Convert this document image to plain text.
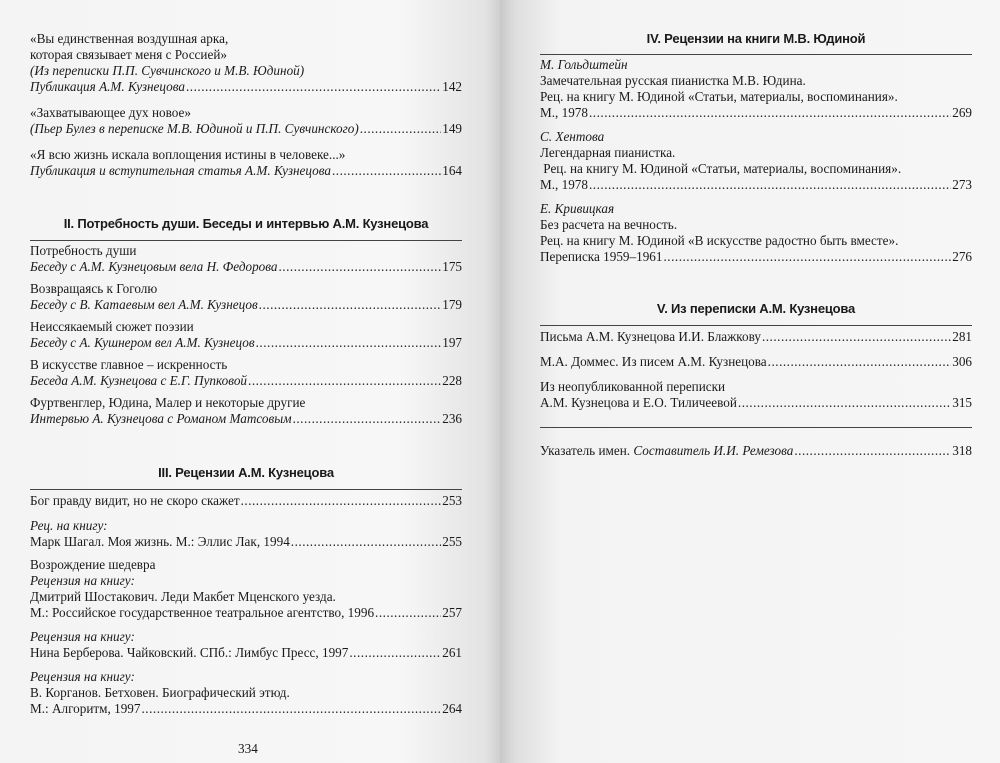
«Вы единственная воздушная арка,
которая связывает меня с Россией»
(Из переписки П.П. Сувчинского и М.В. Юдиной)
Публикация А.М. Кузнецова .....	142
«Захватывающее дух новое»
(Пьер Булез в переписке М.В. Юдиной и П.П. Сувчинского) .....	149
«Я всю жизнь искала воплощения истины в человеке...»
Публикация и вступительная статья А.М. Кузнецова .....	164
II. Потребность души. Беседы и интервью А.М. Кузнецова
Потребность души
Беседу с А.М. Кузнецовым вела Н. Федорова .....	175
Возвращаясь к Гоголю
Беседу с В. Катаевым вел А.М. Кузнецов .....	179
Неиссякаемый сюжет поэзии
Беседу с А. Кушнером вел А.М. Кузнецов .....	197
В искусстве главное – искренность
Беседа А.М. Кузнецова с Е.Г. Пупковой .....	228
Фуртвенглер, Юдина, Малер и некоторые другие
Интервью А. Кузнецова с Романом Матсовым .....	236
III. Рецензии А.М. Кузнецова
Бог правду видит, но не скоро скажет .....	253
Рец. на книгу:
Марк Шагал. Моя жизнь. М.: Эллис Лак, 1994 .....	255
Возрождение шедевра
Рецензия на книгу:
Дмитрий Шостакович. Леди Макбет Мценского уезда.
М.: Российское государственное театральное агентство, 1996 .....	257
Рецензия на книгу:
Нина Берберова. Чайковский. СПб.: Лимбус Пресс, 1997 .....	261
Рецензия на книгу:
В. Корганов. Бетховен. Биографический этюд.
М.: Алгоритм, 1997 .....	264
334
IV. Рецензии на книги М.В. Юдиной
М. Гольдштейн
Замечательная русская пианистка М.В. Юдина.
Рец. на книгу М. Юдиной «Статьи, материалы, воспоминания».
М., 1978 .....	269
С. Хентова
Легендарная пианистка.
Рец. на книгу М. Юдиной «Статьи, материалы, воспоминания».
М., 1978 .....	273
Е. Кривицкая
Без расчета на вечность.
Рец. на книгу М. Юдиной «В искусстве радостно быть вместе».
Переписка 1959–1961 .....	276
V. Из переписки А.М. Кузнецова
Письма А.М. Кузнецова И.И. Блажкову .....	281
М.А. Доммес. Из писем А.М. Кузнецова .....	306
Из неопубликованной переписки
А.М. Кузнецова и Е.О. Тиличеевой .....	315
Указатель имен. Составитель И.И. Ремезова .....	318
